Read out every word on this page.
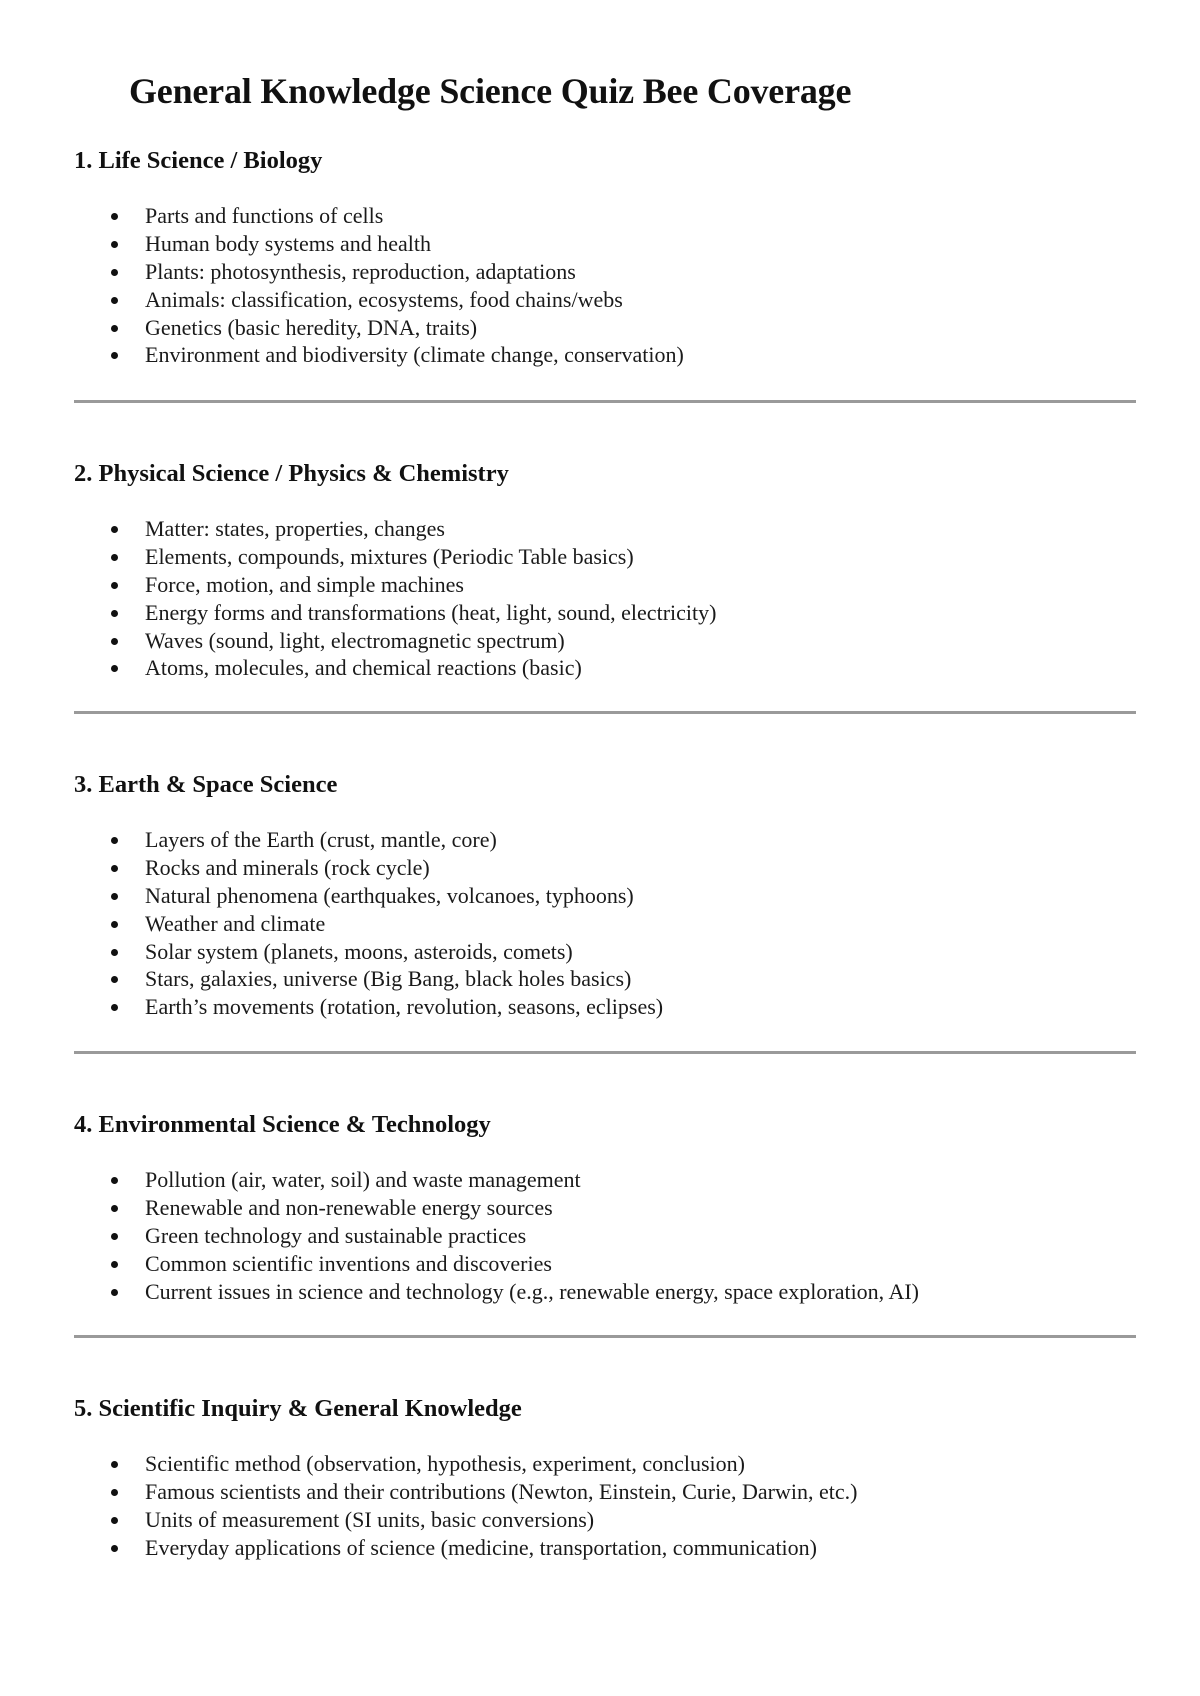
General Knowledge Science Quiz Bee Coverage
1. Life Science / Biology
Parts and functions of cells
Human body systems and health
Plants: photosynthesis, reproduction, adaptations
Animals: classification, ecosystems, food chains/webs
Genetics (basic heredity, DNA, traits)
Environment and biodiversity (climate change, conservation)
2. Physical Science / Physics & Chemistry
Matter: states, properties, changes
Elements, compounds, mixtures (Periodic Table basics)
Force, motion, and simple machines
Energy forms and transformations (heat, light, sound, electricity)
Waves (sound, light, electromagnetic spectrum)
Atoms, molecules, and chemical reactions (basic)
3. Earth & Space Science
Layers of the Earth (crust, mantle, core)
Rocks and minerals (rock cycle)
Natural phenomena (earthquakes, volcanoes, typhoons)
Weather and climate
Solar system (planets, moons, asteroids, comets)
Stars, galaxies, universe (Big Bang, black holes basics)
Earth’s movements (rotation, revolution, seasons, eclipses)
4. Environmental Science & Technology
Pollution (air, water, soil) and waste management
Renewable and non-renewable energy sources
Green technology and sustainable practices
Common scientific inventions and discoveries
Current issues in science and technology (e.g., renewable energy, space exploration, AI)
5. Scientific Inquiry & General Knowledge
Scientific method (observation, hypothesis, experiment, conclusion)
Famous scientists and their contributions (Newton, Einstein, Curie, Darwin, etc.)
Units of measurement (SI units, basic conversions)
Everyday applications of science (medicine, transportation, communication)
